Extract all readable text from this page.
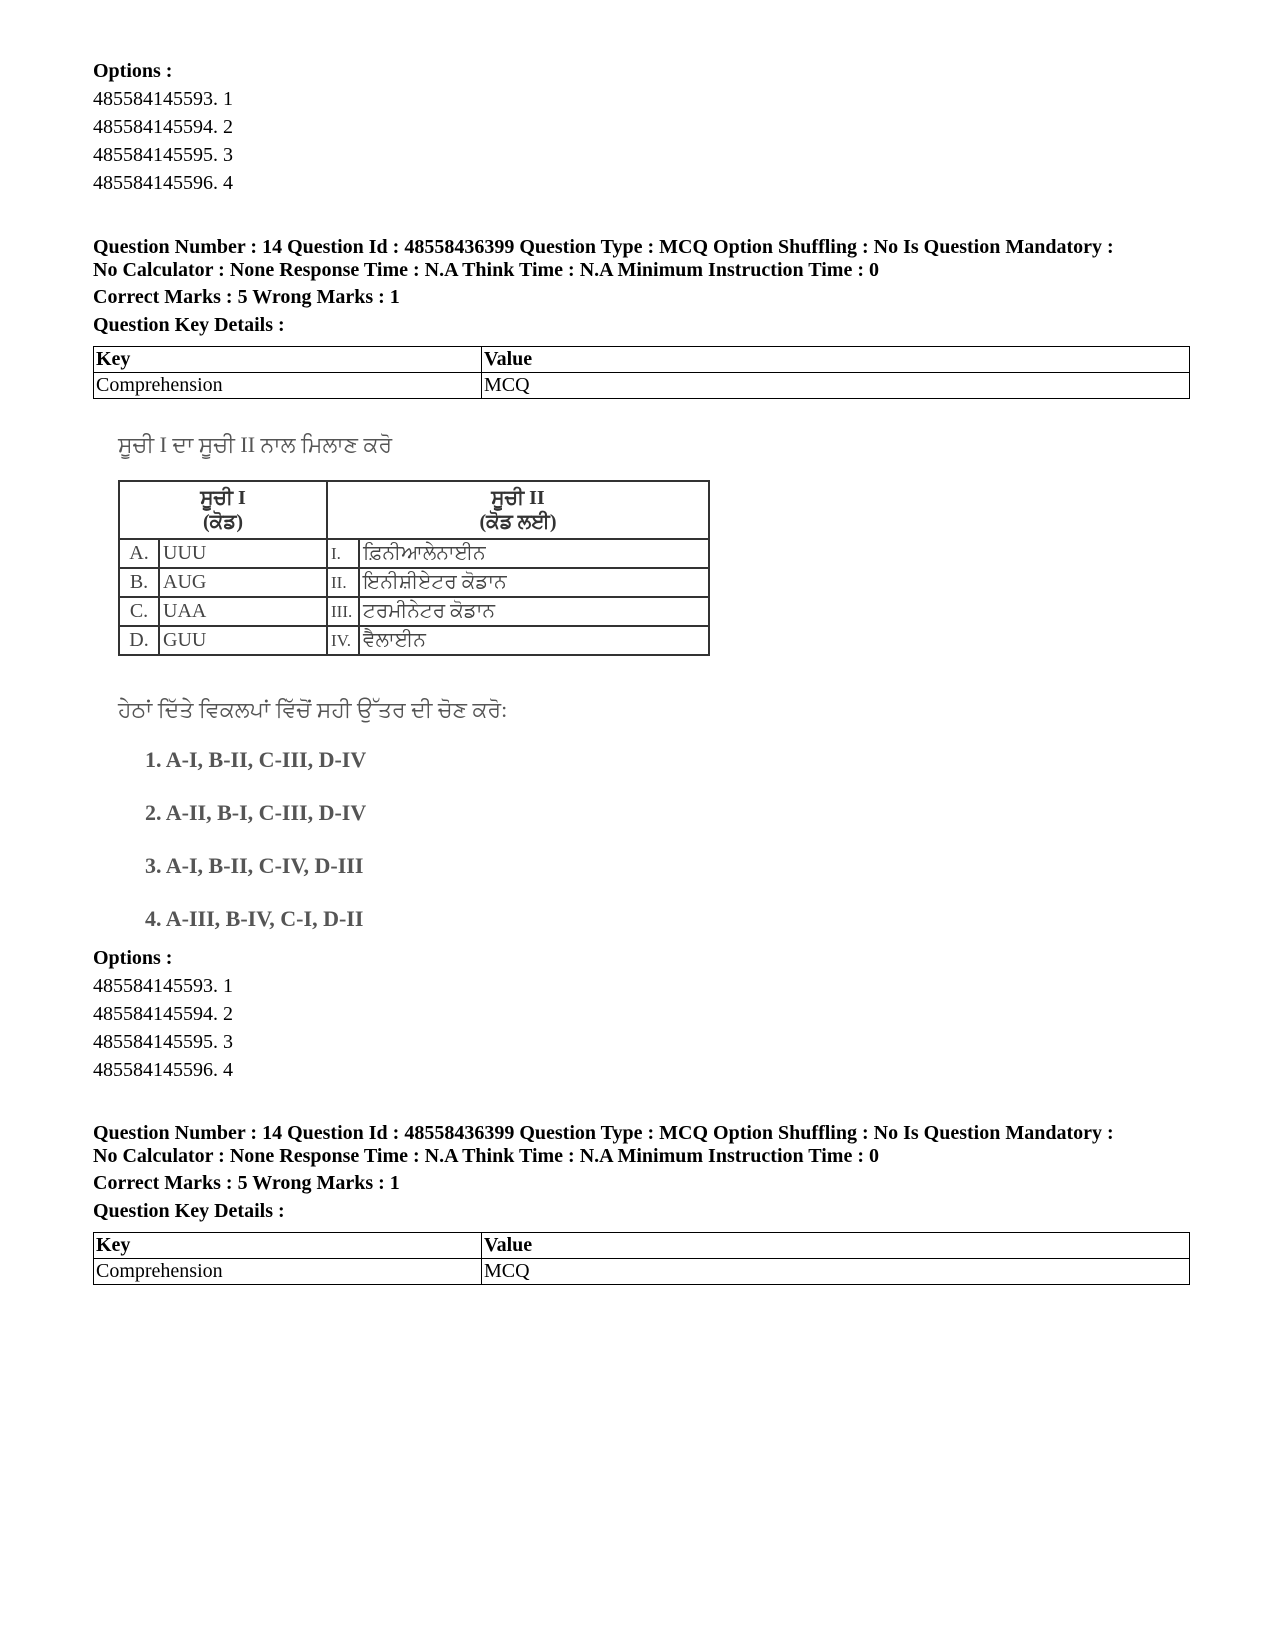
Options :
485584145593. 1
485584145594. 2
485584145595. 3
485584145596. 4
Question Number : 14 Question Id : 48558436399 Question Type : MCQ Option Shuffling : No Is Question Mandatory :
No Calculator : None Response Time : N.A Think Time : N.A Minimum Instruction Time : 0
Correct Marks : 5 Wrong Marks : 1
Question Key Details :
Key	Value
Comprehension	MCQ
ਸੂਚੀ I ਦਾ ਸੂਚੀ II ਨਾਲ ਮਿਲਾਣ ਕਰੋ
ਸੂਚੀ I
(ਕੋਡ)		ਸੂਚੀ II
(ਕੋਡ ਲਈ)	
A.	UUU	I.	ਫ਼ਿਨੀਆਲੇਨਾਈਨ
B.	AUG	II.	ਇਨੀਸ਼ੀਏਟਰ ਕੋਡਾਨ
C.	UAA	III.	ਟਰਮੀਨੇਟਰ ਕੋਡਾਨ
D.	GUU	IV.	ਵੈਲਾਈਨ
ਹੇਠਾਂ ਦਿੱਤੇ ਵਿਕਲਪਾਂ ਵਿੱਚੋਂ ਸਹੀ ਉੱਤਰ ਦੀ ਚੋਣ ਕਰੋ:
1. A-I, B-II, C-III, D-IV
2. A-II, B-I, C-III, D-IV
3. A-I, B-II, C-IV, D-III
4. A-III, B-IV, C-I, D-II
Options :
485584145593. 1
485584145594. 2
485584145595. 3
485584145596. 4
Question Number : 14 Question Id : 48558436399 Question Type : MCQ Option Shuffling : No Is Question Mandatory :
No Calculator : None Response Time : N.A Think Time : N.A Minimum Instruction Time : 0
Correct Marks : 5 Wrong Marks : 1
Question Key Details :
Key	Value
Comprehension	MCQ
